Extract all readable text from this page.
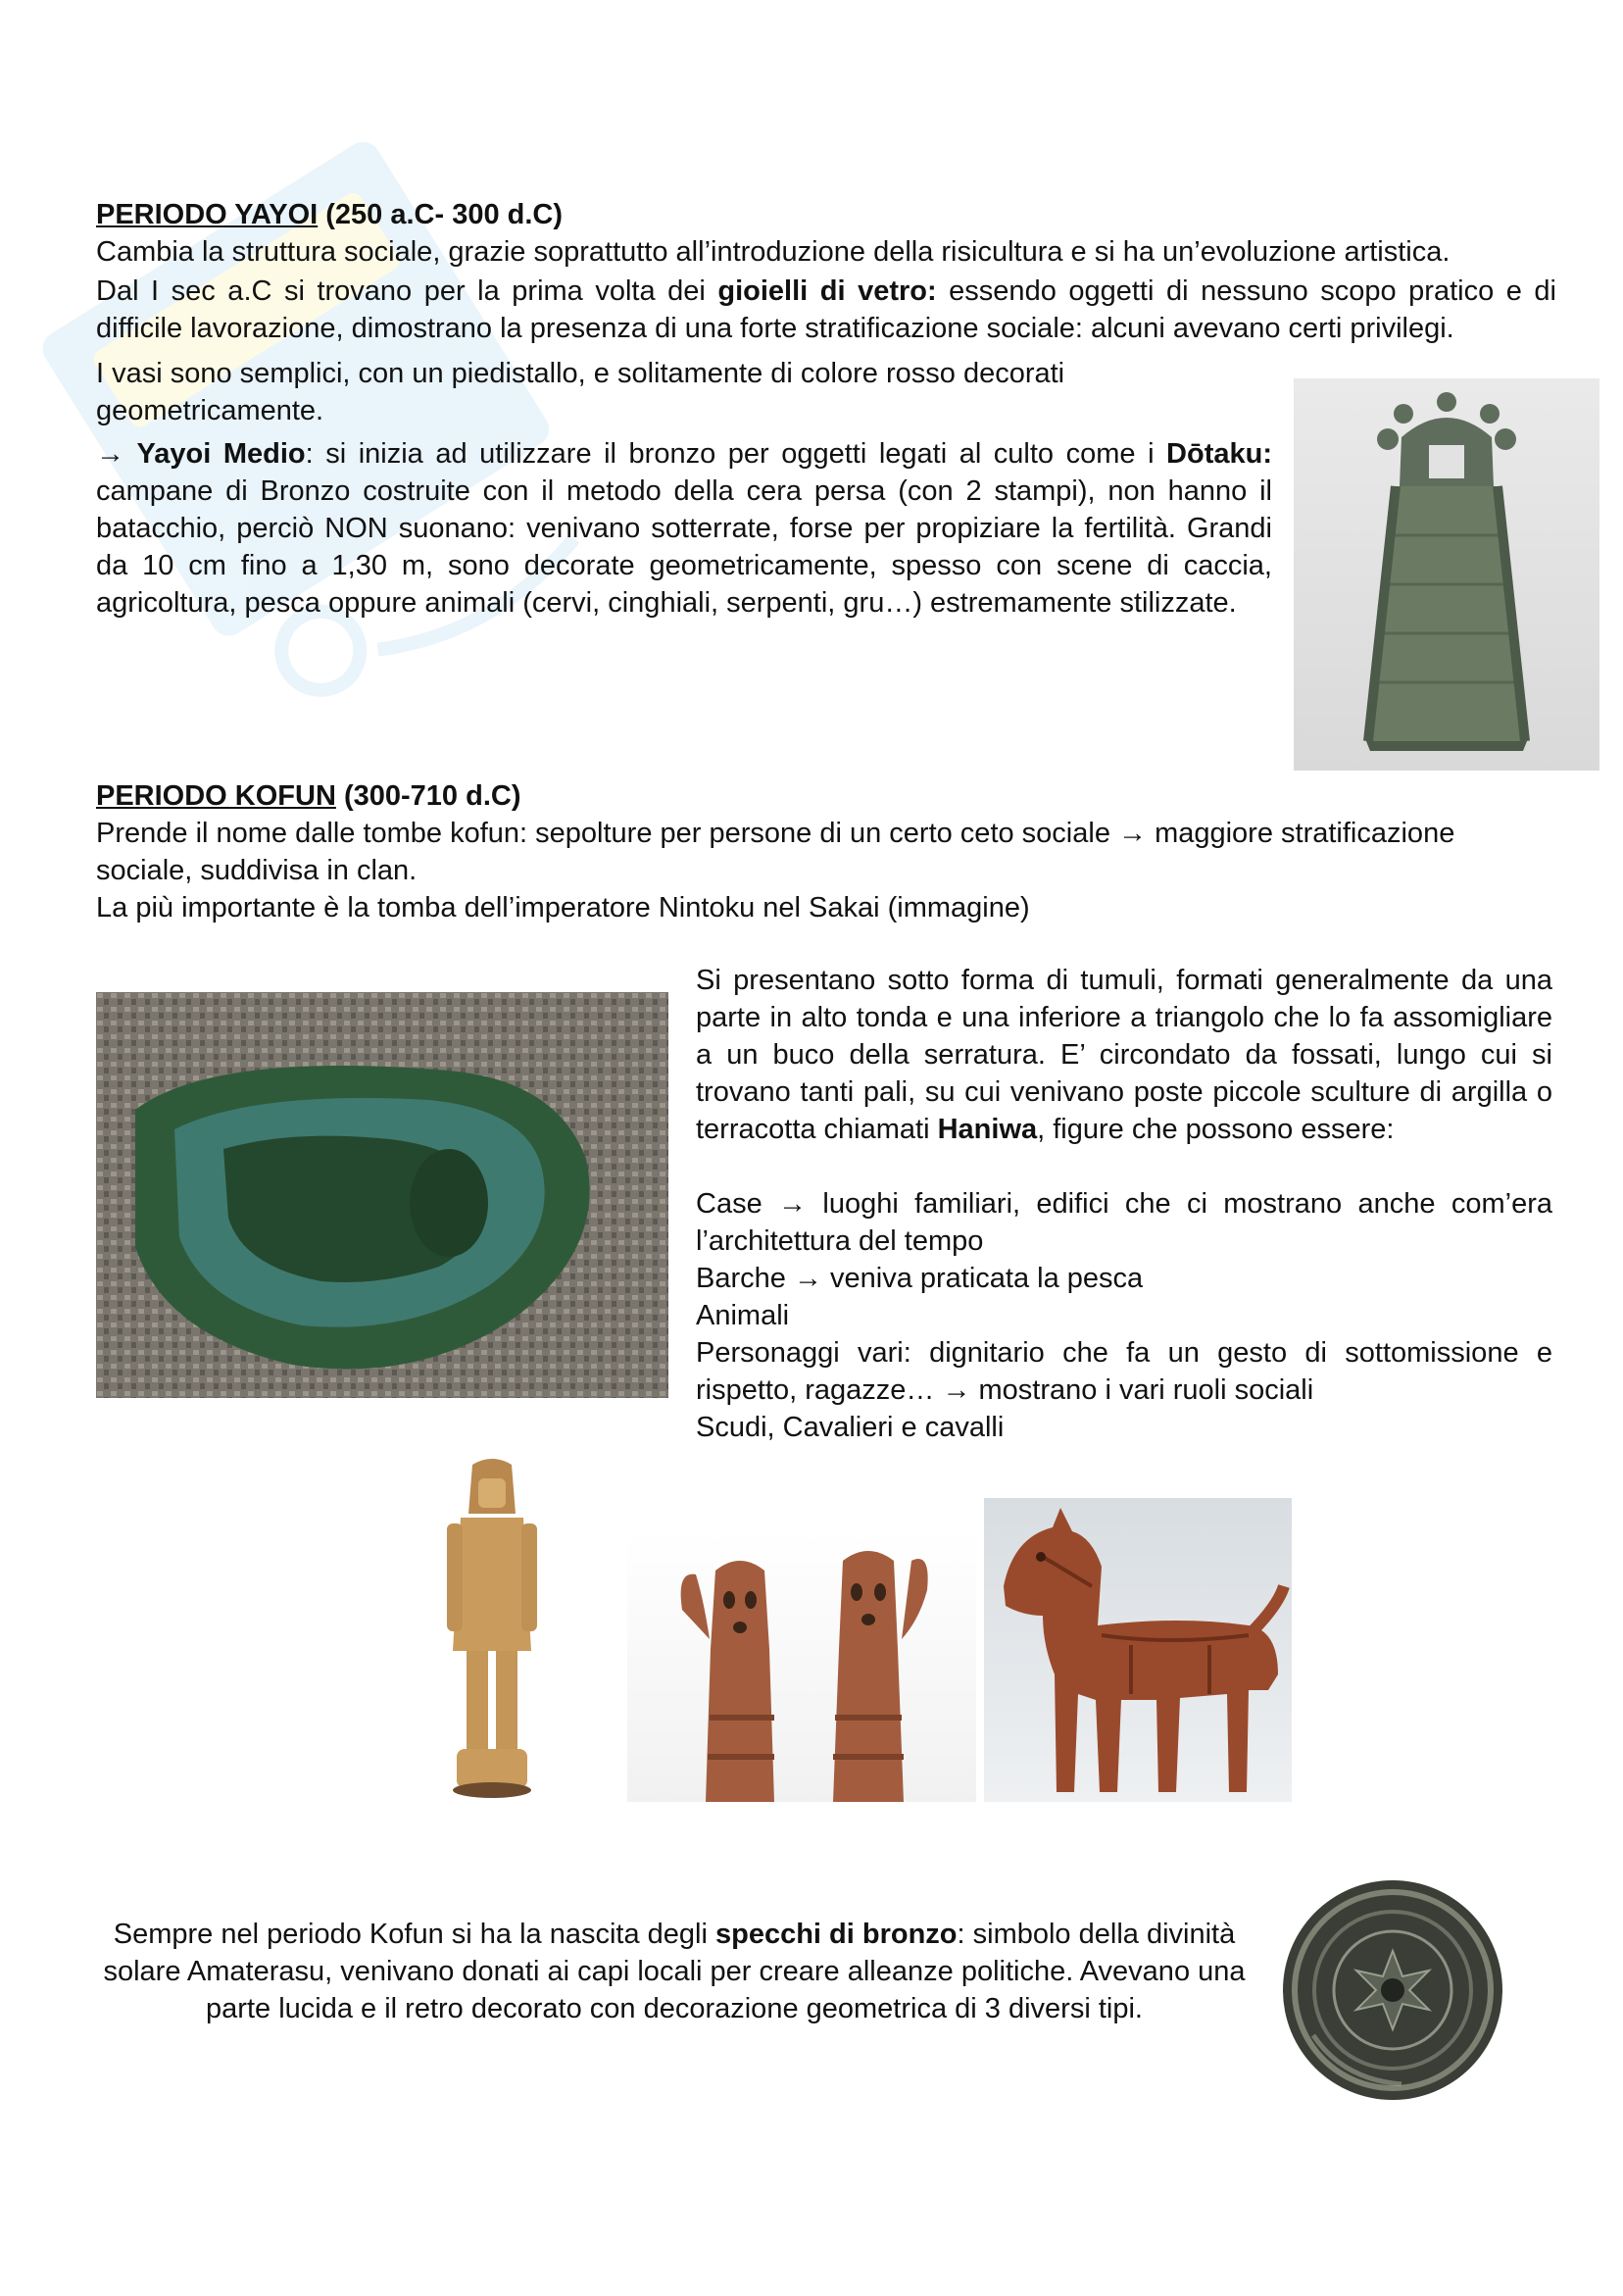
PERIODO YAYOI (250 a.C- 300 d.C)

Cambia la struttura sociale, grazie soprattutto all’introduzione della risicultura e si ha un’evoluzione artistica.

Dal I sec a.C si trovano per la prima volta dei gioielli di vetro: essendo oggetti di nessuno scopo pratico e di difficile lavorazione, dimostrano la presenza di una forte stratificazione sociale: alcuni avevano certi privilegi.

I vasi sono semplici, con un piedistallo, e solitamente di colore rosso decorati geometricamente.

→ Yayoi Medio: si inizia ad utilizzare il bronzo per oggetti legati al culto come i Dōtaku: campane di Bronzo costruite con il metodo della cera persa (con 2 stampi), non hanno il batacchio, perciò NON suonano: venivano sotterrate, forse per propiziare la fertilità. Grandi da 10 cm fino a 1,30 m, sono decorate geometricamente, spesso con scene di caccia, agricoltura, pesca oppure animali (cervi, cinghiali, serpenti, gru…) estremamente stilizzate.

PERIODO KOFUN (300-710 d.C)

Prende il nome dalle tombe kofun: sepolture per persone di un certo ceto sociale → maggiore stratificazione sociale, suddivisa in clan.

La più importante è la tomba dell’imperatore Nintoku nel Sakai (immagine)

Si presentano sotto forma di tumuli, formati generalmente da una parte in alto tonda e una inferiore a triangolo che lo fa assomigliare a un buco della serratura. E’ circondato da fossati, lungo cui si trovano tanti pali, su cui venivano poste piccole sculture di argilla o terracotta chiamati Haniwa, figure che possono essere:

Case → luoghi familiari, edifici che ci mostrano anche com’era l’architettura del tempo

Barche → veniva praticata la pesca

Animali

Personaggi vari: dignitario che fa un gesto di sottomissione e rispetto, ragazze… → mostrano i vari ruoli sociali

Scudi, Cavalieri e cavalli

Sempre nel periodo Kofun si ha la nascita degli specchi di bronzo: simbolo della divinità solare Amaterasu, venivano donati ai capi locali per creare alleanze politiche. Avevano una parte lucida e il retro decorato con decorazione geometrica di 3 diversi tipi.
